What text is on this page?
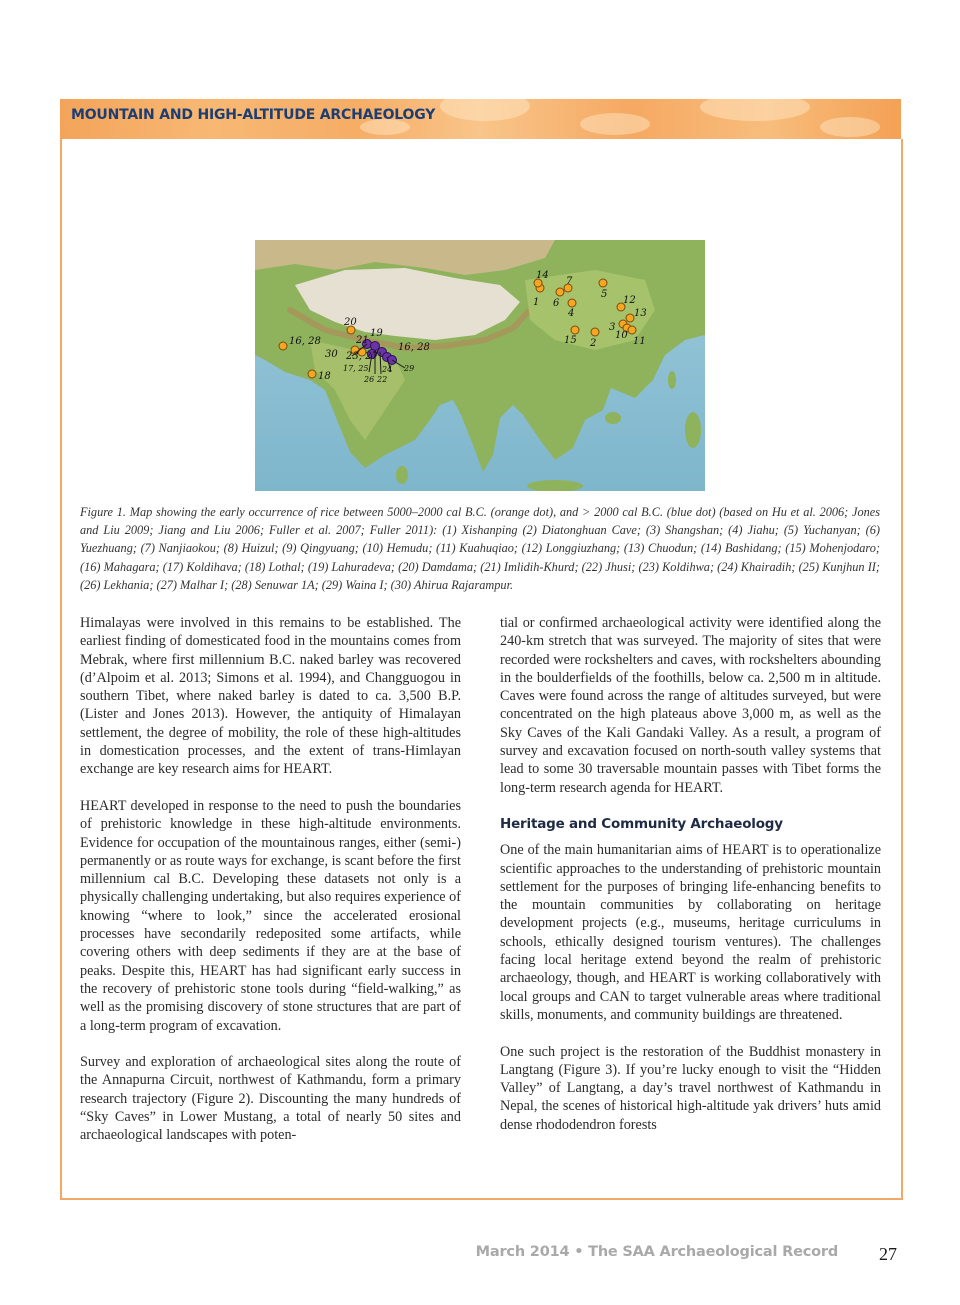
MOUNTAIN AND HIGH-ALTITUDE ARCHAEOLOGY
14
1 6
7
5
4
12
13
3
10
11
15 2
16, 28
18
20
21
19
30 23, 27
16, 28
17, 25 24 29
26 22
Figure 1. Map showing the early occurrence of rice between 5000–2000 cal B.C. (orange dot), and > 2000 cal B.C. (blue dot) (based on Hu et al. 2006; Jones and Liu 2009; Jiang and Liu 2006; Fuller et al. 2007; Fuller 2011): (1) Xishanping (2) Diatonghuan Cave; (3) Shangshan; (4) Jiahu; (5) Yuchanyan; (6) Yuezhuang; (7) Nanjiaokou; (8) Huizul; (9) Qingyuang; (10) Hemudu; (11) Kuahuqiao; (12) Longgiuzhang; (13) Chuodun; (14) Bashidang; (15) Mohenjodaro; (16) Mahagara; (17) Koldihava; (18) Lothal; (19) Lahuradeva; (20) Damdama; (21) Imlidih-Khurd; (22) Jhusi; (23) Koldihwa; (24) Khairadih; (25) Kunjhun II; (26) Lekhania; (27) Malhar I; (28) Senuwar 1A; (29) Waina I; (30) Ahirua Rajarampur.

Himalayas were involved in this remains to be established. The earliest finding of domesticated food in the mountains comes from Mebrak, where first millennium B.C. naked barley was recovered (d’Alpoim et al. 2013; Simons et al. 1994), and Changguogou in southern Tibet, where naked barley is dated to ca. 3,500 B.P. (Lister and Jones 2013). However, the antiquity of Himalayan settlement, the degree of mobility, the role of these high-altitudes in domestication processes, and the extent of trans-Himlayan exchange are key research aims for HEART.

HEART developed in response to the need to push the boundaries of prehistoric knowledge in these high-altitude environments. Evidence for occupation of the mountainous ranges, either (semi-) permanently or as route ways for exchange, is scant before the first millennium cal B.C. Developing these datasets not only is a physically challenging undertaking, but also requires experience of knowing “where to look,” since the accelerated erosional processes have secondarily redeposited some artifacts, while covering others with deep sediments if they are at the base of peaks. Despite this, HEART has had significant early success in the recovery of prehistoric stone tools during “field-walking,” as well as the promising discovery of stone structures that are part of a long-term program of excavation.

Survey and exploration of archaeological sites along the route of the Annapurna Circuit, northwest of Kathmandu, form a primary research trajectory (Figure 2). Discounting the many hundreds of “Sky Caves” in Lower Mustang, a total of nearly 50 sites and archaeological landscapes with poten-

tial or confirmed archaeological activity were identified along the 240-km stretch that was surveyed. The majority of sites that were recorded were rockshelters and caves, with rockshelters abounding in the boulderfields of the foothills, below ca. 2,500 m in altitude. Caves were found across the range of altitudes surveyed, but were concentrated on the high plateaus above 3,000 m, as well as the Sky Caves of the Kali Gandaki Valley. As a result, a program of survey and excavation focused on north-south valley systems that lead to some 30 traversable mountain passes with Tibet forms the long-term research agenda for HEART.

Heritage and Community Archaeology

One of the main humanitarian aims of HEART is to operationalize scientific approaches to the understanding of prehistoric mountain settlement for the purposes of bringing life-enhancing benefits to the mountain communities by collaborating on heritage development projects (e.g., museums, heritage curriculums in schools, ethically designed tourism ventures). The challenges facing local heritage extend beyond the realm of prehistoric archaeology, though, and HEART is working collaboratively with local groups and CAN to target vulnerable areas where traditional skills, monuments, and community buildings are threatened.

One such project is the restoration of the Buddhist monastery in Langtang (Figure 3). If you’re lucky enough to visit the “Hidden Valley” of Langtang, a day’s travel northwest of Kathmandu in Nepal, the scenes of historical high-altitude yak drivers’ huts amid dense rhododendron forests

March 2014 • The SAA Archaeological Record 27
